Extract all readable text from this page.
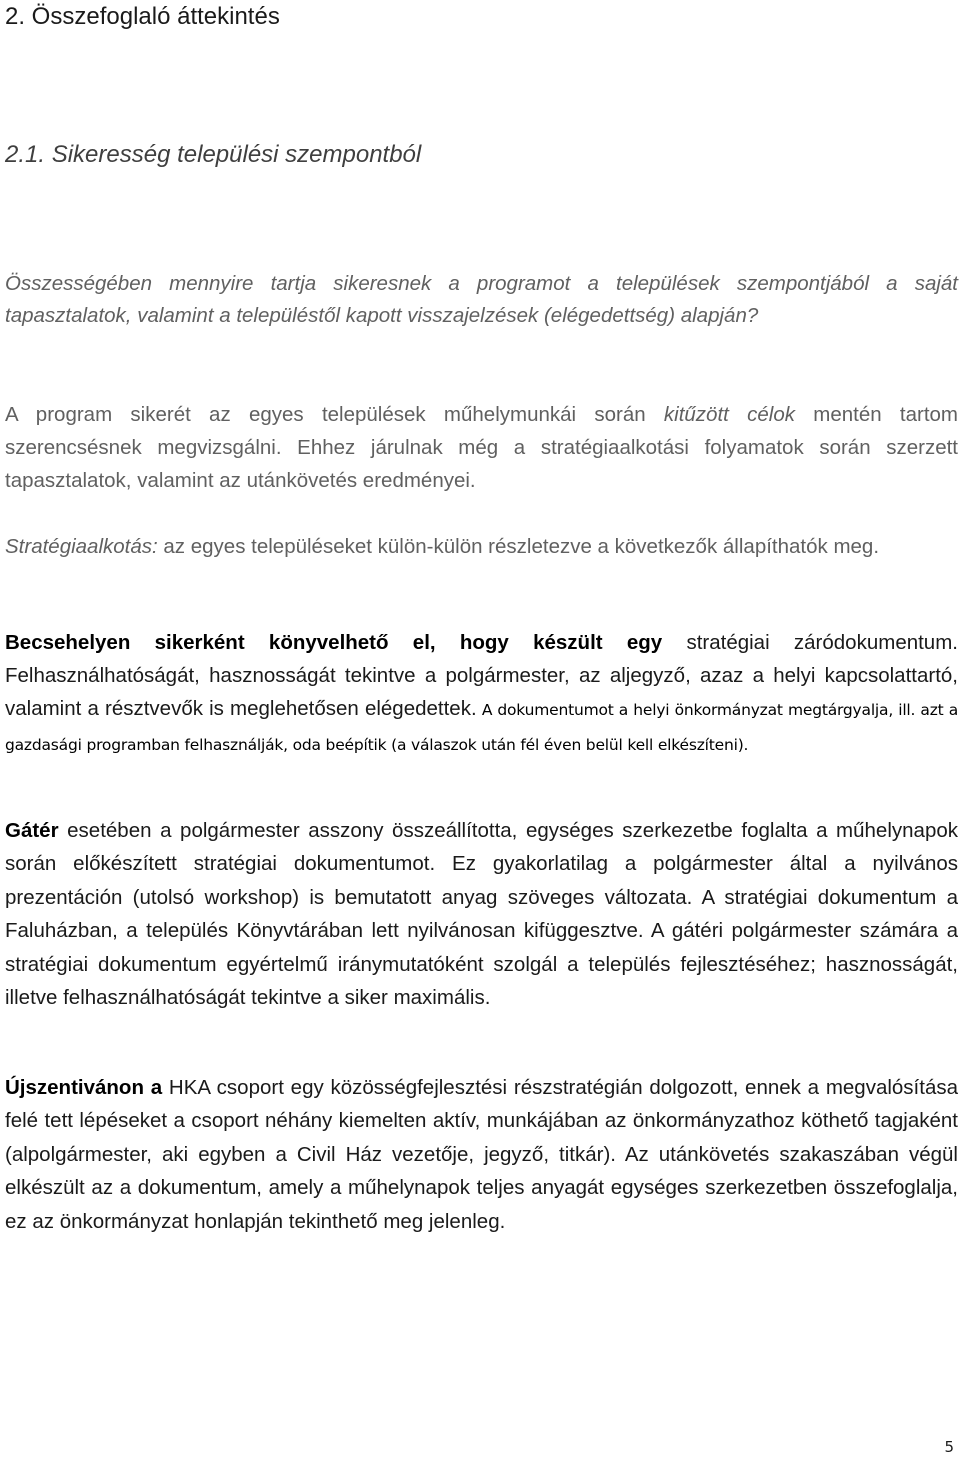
2. Összefoglaló áttekintés
2.1. Sikeresség települési szempontból

Összességében mennyire tartja sikeresnek a programot a települések szempontjából a saját tapasztalatok, valamint a településtől kapott visszajelzések (elégedettség) alapján?

A program sikerét az egyes települések műhelymunkái során kitűzött célok mentén tartom szerencsésnek megvizsgálni. Ehhez járulnak még a stratégiaalkotási folyamatok során szerzett tapasztalatok, valamint az utánkövetés eredményei.

Stratégiaalkotás: az egyes településeket külön-külön részletezve a következők állapíthatók meg.

Becsehelyen sikerként könyvelhető el, hogy készült egy stratégiai záródokumentum. Felhasználhatóságát, hasznosságát tekintve a polgármester, az aljegyző, azaz a helyi kapcsolattartó, valamint a résztvevők is meglehetősen elégedettek. A dokumentumot a helyi önkormányzat megtárgyalja, ill. azt a gazdasági programban felhasználják, oda beépítik (a válaszok után fél éven belül kell elkészíteni).

Gátér esetében a polgármester asszony összeállította, egységes szerkezetbe foglalta a műhelynapok során előkészített stratégiai dokumentumot. Ez gyakorlatilag a polgármester által a nyilvános prezentáción (utolsó workshop) is bemutatott anyag szöveges változata. A stratégiai dokumentum a Faluházban, a település Könyvtárában lett nyilvánosan kifüggesztve. A gátéri polgármester számára a stratégiai dokumentum egyértelmű iránymutatóként szolgál a település fejlesztéséhez; hasznosságát, illetve felhasználhatóságát tekintve a siker maximális.

Újszentivánon a HKA csoport egy közösségfejlesztési részstratégián dolgozott, ennek a megvalósítása felé tett lépéseket a csoport néhány kiemelten aktív, munkájában az önkormányzathoz köthető tagjaként (alpolgármester, aki egyben a Civil Ház vezetője, jegyző, titkár). Az utánkövetés szakaszában végül elkészült az a dokumentum, amely a műhelynapok teljes anyagát egységes szerkezetben összefoglalja, ez az önkormányzat honlapján tekinthető meg jelenleg.

5
